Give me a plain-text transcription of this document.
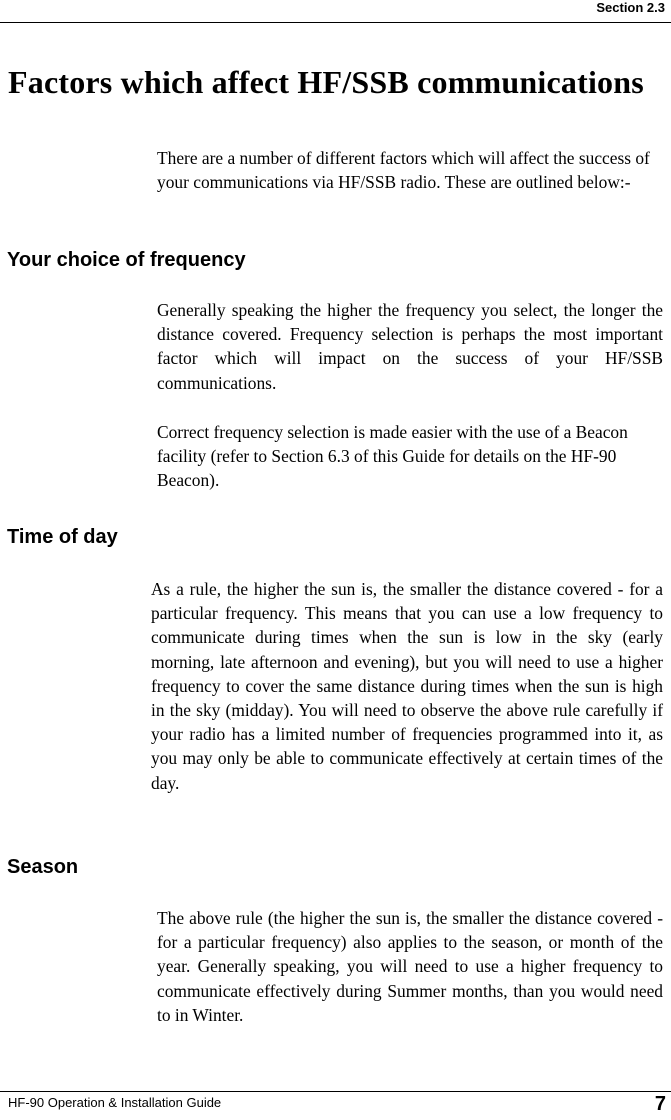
Section 2.3
Factors which affect HF/SSB communications

There are a number of different factors which will affect the success of your communications via HF/SSB radio. These are outlined below:-

Your choice of frequency

Generally speaking the higher the frequency you select, the longer the distance covered. Frequency selection is perhaps the most important factor which will impact on the success of your HF/SSB communications.

Correct frequency selection is made easier with the use of a Beacon facility (refer to Section 6.3 of this Guide for details on the HF-90 Beacon).

Time of day

As a rule, the higher the sun is, the smaller the distance covered - for a particular frequency. This means that you can use a low frequency to communicate during times when the sun is low in the sky (early morning, late afternoon and evening), but you will need to use a higher frequency to cover the same distance during times when the sun is high in the sky (midday). You will need to observe the above rule carefully if your radio has a limited number of frequencies programmed into it, as you may only be able to communicate effectively at certain times of the day.

Season

The above rule (the higher the sun is, the smaller the distance covered - for a particular frequency) also applies to the season, or month of the year. Generally speaking, you will need to use a higher frequency to communicate effectively during Summer months, than you would need to in Winter.

HF-90 Operation & Installation Guide	7
